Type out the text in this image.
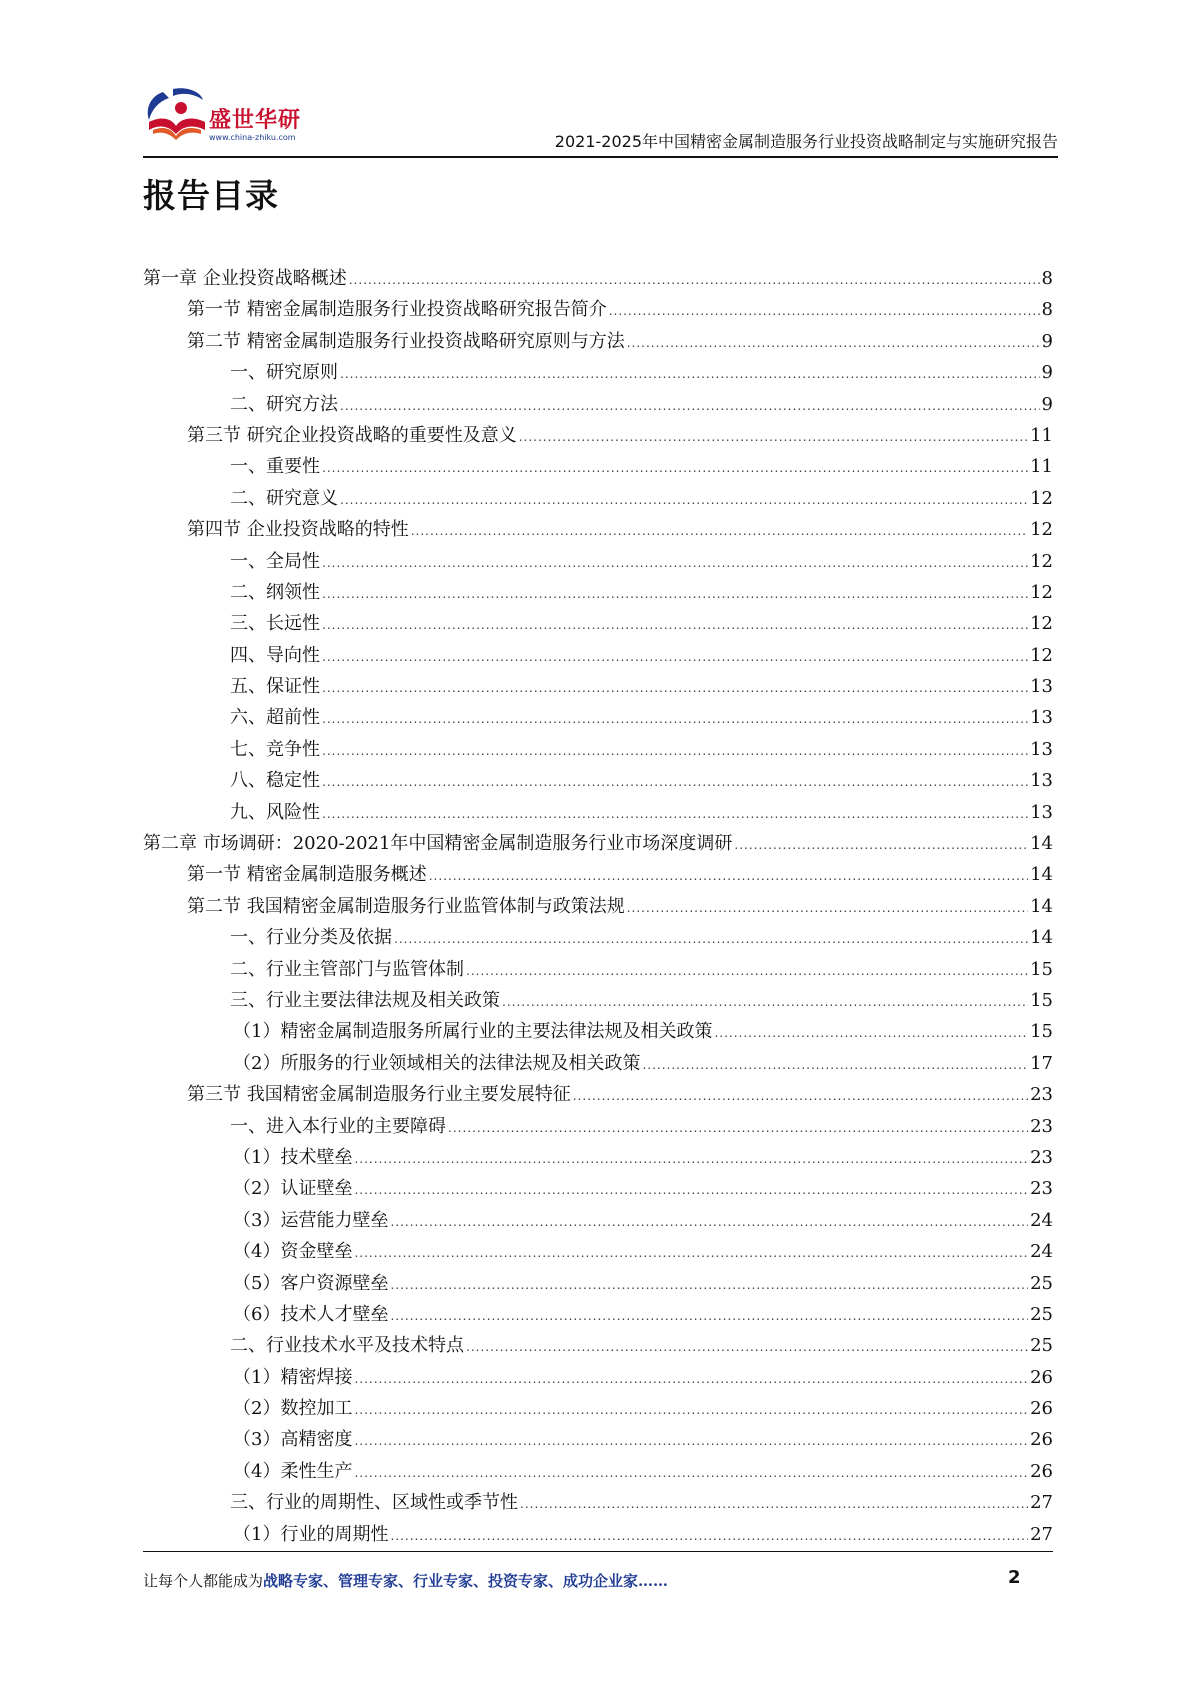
盛世华研
www.china-zhiku.com	2021-2025年中国精密金属制造服务行业投资战略制定与实施研究报告
报告目录
第一章 企业投资战略概述 .....	8
第一节 精密金属制造服务行业投资战略研究报告简介 .....	8
第二节 精密金属制造服务行业投资战略研究原则与方法 .....	9
一、研究原则 .....	9
二、研究方法 .....	9
第三节 研究企业投资战略的重要性及意义 .....	11
一、重要性 .....	11
二、研究意义 .....	12
第四节 企业投资战略的特性 .....	12
一、全局性 .....	12
二、纲领性 .....	12
三、长远性 .....	12
四、导向性 .....	12
五、保证性 .....	13
六、超前性 .....	13
七、竞争性 .....	13
八、稳定性 .....	13
九、风险性 .....	13
第二章 市场调研：2020-2021年中国精密金属制造服务行业市场深度调研 .....	14
第一节 精密金属制造服务概述 .....	14
第二节 我国精密金属制造服务行业监管体制与政策法规 .....	14
一、行业分类及依据 .....	14
二、行业主管部门与监管体制 .....	15
三、行业主要法律法规及相关政策 .....	15
（1）精密金属制造服务所属行业的主要法律法规及相关政策 .....	15
（2）所服务的行业领域相关的法律法规及相关政策 .....	17
第三节 我国精密金属制造服务行业主要发展特征 .....	23
一、进入本行业的主要障碍 .....	23
（1）技术壁垒 .....	23
（2）认证壁垒 .....	23
（3）运营能力壁垒 .....	24
（4）资金壁垒 .....	24
（5）客户资源壁垒 .....	25
（6）技术人才壁垒 .....	25
二、行业技术水平及技术特点 .....	25
（1）精密焊接 .....	26
（2）数控加工 .....	26
（3）高精密度 .....	26
（4）柔性生产 .....	26
三、行业的周期性、区域性或季节性 .....	27
（1）行业的周期性 .....	27
让每个人都能成为战略专家、管理专家、行业专家、投资专家、成功企业家……	2
